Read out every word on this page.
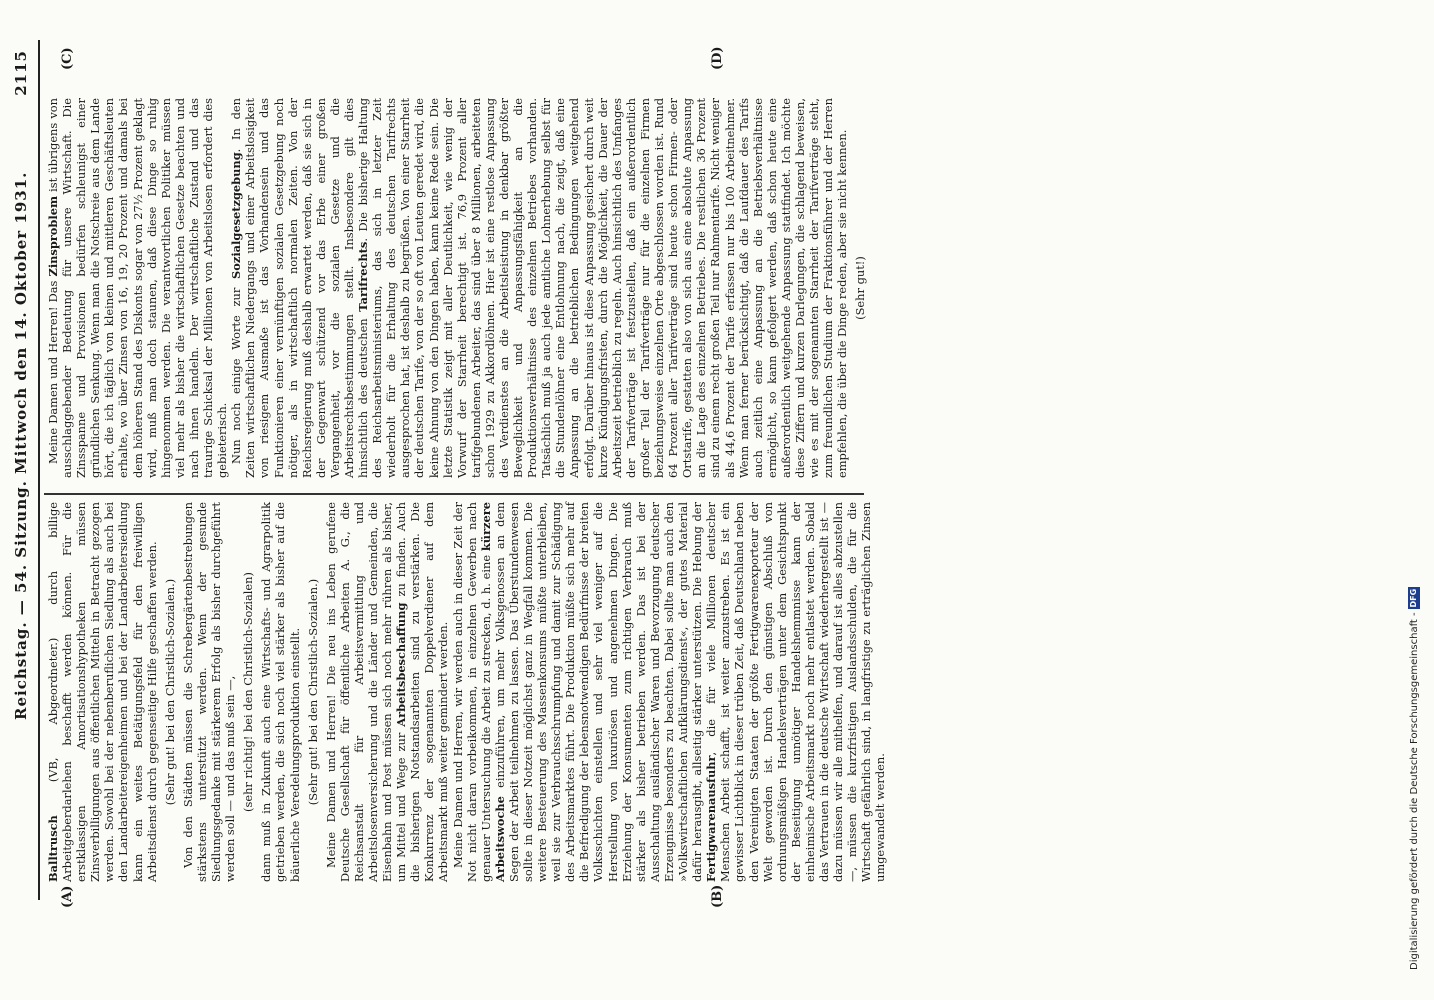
Reichstag. — 54. Sitzung. Mittwoch den 14. Oktober 1931.
2115
(A)	(B)
(C)	(D)

Balltrusch (VB, Abgeordneter.) durch billige Arbeitgeberdarlehen beschafft werden können. Für die erstklassigen Amortisationshypotheken müssen Zinsverbilligungen aus öffentlichen Mitteln in Betracht gezogen werden. Sowohl bei der nebenberuflichen Siedlung als auch bei den Landarbeitereigenheimen und bei der Landarbeitersiedlung kann ein weites Betätigungsfeld für den freiwilligen Arbeitsdienst durch gegenseitige Hilfe geschaffen werden. (Sehr gut! bei den Christlich-Sozialen.) Von den Städten müssen die Schrebergärtenbestrebungen stärkstens unterstützt werden. Wenn der gesunde Siedlungsgedanke mit stärkerem Erfolg als bisher durchgeführt werden soll — und das muß sein —, (sehr richtig! bei den Christlich-Sozialen) dann muß in Zukunft auch eine Wirtschafts- und Agrarpolitik getrieben werden, die sich noch viel stärker als bisher auf die bäuerliche Veredelungsproduktion einstellt. (Sehr gut! bei den Christlich-Sozialen.) Meine Damen und Herren! Die neu ins Leben gerufene Deutsche Gesellschaft für öffentliche Arbeiten A. G., die Reichsanstalt für Arbeitsvermittlung und Arbeitslosenversicherung und die Länder und Gemeinden, die Eisenbahn und Post müssen sich noch mehr rühren als bisher, um Mittel und Wege zur Arbeitsbeschaffung zu finden. Auch die bisherigen Notstandsarbeiten sind zu verstärken. Die Konkurrenz der sogenannten Doppelverdiener auf dem Arbeitsmarkt muß weiter gemindert werden. Meine Damen und Herren, wir werden auch in dieser Zeit der Not nicht daran vorbeikommen, in einzelnen Gewerben nach genauer Untersuchung die Arbeit zu strecken, d. h. eine kürzere Arbeitswoche einzuführen, um mehr Volksgenossen an dem Segen der Arbeit teilnehmen zu lassen. Das Überstundenwesen sollte in dieser Notzeit möglichst ganz in Wegfall kommen. Die weitere Besteuerung des Massenkonsums müßte unterbleiben, weil sie zur Verbrauchsschrumpfung und damit zur Schädigung des Arbeitsmarktes führt. Die Produktion müßte sich mehr auf die Befriedigung der lebensnotwendigen Bedürfnisse der breiten Volksschichten einstellen und sehr viel weniger auf die Herstellung von luxuriösen und angenehmen Dingen. Die Erziehung der Konsumenten zum richtigen Verbrauch muß stärker als bisher betrieben werden. Das ist bei der Ausschaltung ausländischer Waren und Bevorzugung deutscher Erzeugnisse besonders zu beachten. Dabei sollte man auch den »Volkswirtschaftlichen Aufklärungsdienst«, der gutes Material dafür herausgibt, allseitig stärker unterstützen. Die Hebung der Fertigwarenausfuhr, die für viele Millionen deutscher Menschen Arbeit schafft, ist weiter anzustreben. Es ist ein gewisser Lichtblick in dieser trüben Zeit, daß Deutschland neben den Vereinigten Staaten der größte Fertigwarenexporteur der Welt geworden ist. Durch den günstigen Abschluß von ordnungsmäßigen Handelsverträgen unter dem Gesichtspunkt der Beseitigung unnötiger Handelshemmnisse kann der einheimische Arbeitsmarkt noch mehr entlastet werden. Sobald das Vertrauen in die deutsche Wirtschaft wiederhergestellt ist — dazu müssen wir alle mithelfen, und darauf ist alles abzustellen —, müssen die kurzfristigen Auslandsschulden, die für die Wirtschaft gefährlich sind, in langfristige zu erträglichen Zinsen umgewandelt werden.

Meine Damen und Herren! Das Zinsproblem ist übrigens von ausschlaggebender Bedeutung für unsere Wirtschaft. Die Zinsspanne und Provisionen bedürfen schleunigst einer gründlichen Senkung. Wenn man die Notschreie aus dem Lande hört, die ich täglich von kleinen und mittleren Geschäftsleuten erhalte, wo über Zinsen von 16, 19, 20 Prozent und damals bei dem höheren Stand des Diskonts sogar von 27½ Prozent geklagt wird, muß man doch staunen, daß diese Dinge so ruhig hingenommen werden. Die verantwortlichen Politiker müssen viel mehr als bisher die wirtschaftlichen Gesetze beachten und nach ihnen handeln. Der wirtschaftliche Zustand und das traurige Schicksal der Millionen von Arbeitslosen erfordert dies gebieterisch. Nun noch einige Worte zur Sozialgesetzgebung. In den Zeiten wirtschaftlichen Niedergangs und einer Arbeitslosigkeit von riesigem Ausmaße ist das Vorhandensein und das Funktionieren einer vernünftigen sozialen Gesetzgebung noch nötiger, als in wirtschaftlich normalen Zeiten. Von der Reichsregierung muß deshalb erwartet werden, daß sie sich in der Gegenwart schützend vor das Erbe einer großen Vergangenheit, vor die sozialen Gesetze und die Arbeitsrechtsbestimmungen stellt. Insbesondere gilt dies hinsichtlich des deutschen Tarifrechts. Die bisherige Haltung des Reichsarbeitsministeriums, das sich in letzter Zeit wiederholt für die Erhaltung des deutschen Tarifrechts ausgesprochen hat, ist deshalb zu begrüßen. Von einer Starrheit der deutschen Tarife, von der so oft von Leuten geredet wird, die keine Ahnung von den Dingen haben, kann keine Rede sein. Die letzte Statistik zeigt mit aller Deutlichkeit, wie wenig der Vorwurf der Starrheit berechtigt ist. 76,9 Prozent aller tarifgebundenen Arbeiter, das sind über 8 Millionen, arbeiteten schon 1929 zu Akkordlöhnen. Hier ist eine restlose Anpassung des Verdienstes an die Arbeitsleistung in denkbar größter Beweglichkeit und Anpassungsfähigkeit an die Produktionsverhältnisse des einzelnen Betriebes vorhanden. Tatsächlich muß ja auch jede amtliche Lohnerhebung selbst für die Stundenlöhner eine Entlohnung nach, die zeigt, daß eine Anpassung an die betrieblichen Bedingungen weitgehend erfolgt. Darüber hinaus ist diese Anpassung gesichert durch weit kurze Kündigungsfristen, durch die Möglichkeit, die Dauer der Arbeitszeit betrieblich zu regeln. Auch hinsichtlich des Umfanges der Tarifverträge ist festzustellen, daß ein außerordentlich großer Teil der Tarifverträge nur für die einzelnen Firmen beziehungsweise einzelnen Orte abgeschlossen worden ist. Rund 64 Prozent aller Tarifverträge sind heute schon Firmen- oder Ortstarife, gestatten also von sich aus eine absolute Anpassung an die Lage des einzelnen Betriebes. Die restlichen 36 Prozent sind zu einem recht großen Teil nur Rahmentarife. Nicht weniger als 44,6 Prozent der Tarife erfassen nur bis 100 Arbeitnehmer. Wenn man ferner berücksichtigt, daß die Laufdauer des Tarifs auch zeitlich eine Anpassung an die Betriebsverhältnisse ermöglicht, so kann gefolgert werden, daß schon heute eine außerordentlich weitgehende Anpassung stattfindet. Ich möchte diese Ziffern und kurzen Darlegungen, die schlagend beweisen, wie es mit der sogenannten Starrheit der Tarifverträge steht, zum freundlichen Studium der Fraktionsführer und der Herren empfehlen, die über die Dinge reden, aber sie nicht kennen. (Sehr gut!)

Digitalisierung gefördert durch die Deutsche Forschungsgemeinschaft - DFG
